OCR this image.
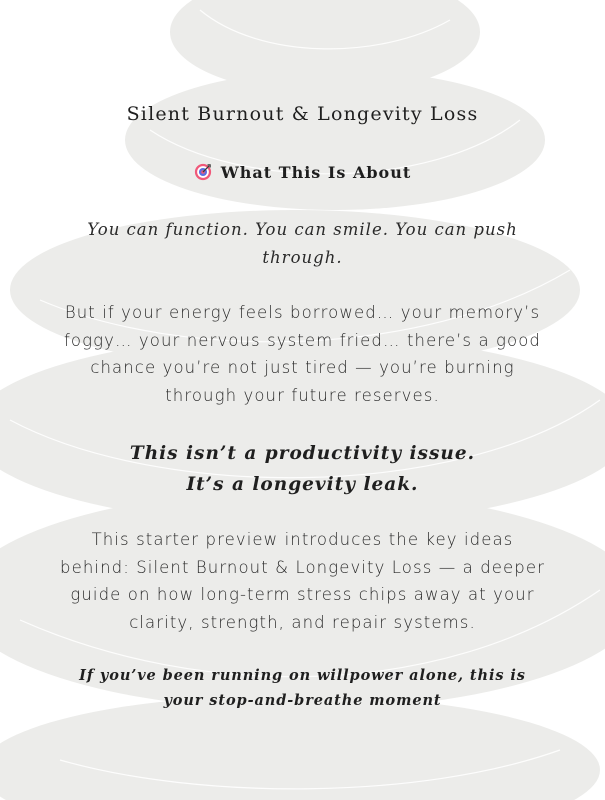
Silent Burnout & Longevity Loss
What This Is About
You can function. You can smile. You can push through.
But if your energy feels borrowed… your memory’s foggy… your nervous system fried… there’s a good chance you’re not just tired — you’re burning through your future reserves.
This isn’t a productivity issue.
It’s a longevity leak.
This starter preview introduces the key ideas behind: Silent Burnout & Longevity Loss — a deeper guide on how long-term stress chips away at your clarity, strength, and repair systems.
If you’ve been running on willpower alone, this is your stop-and-breathe moment
